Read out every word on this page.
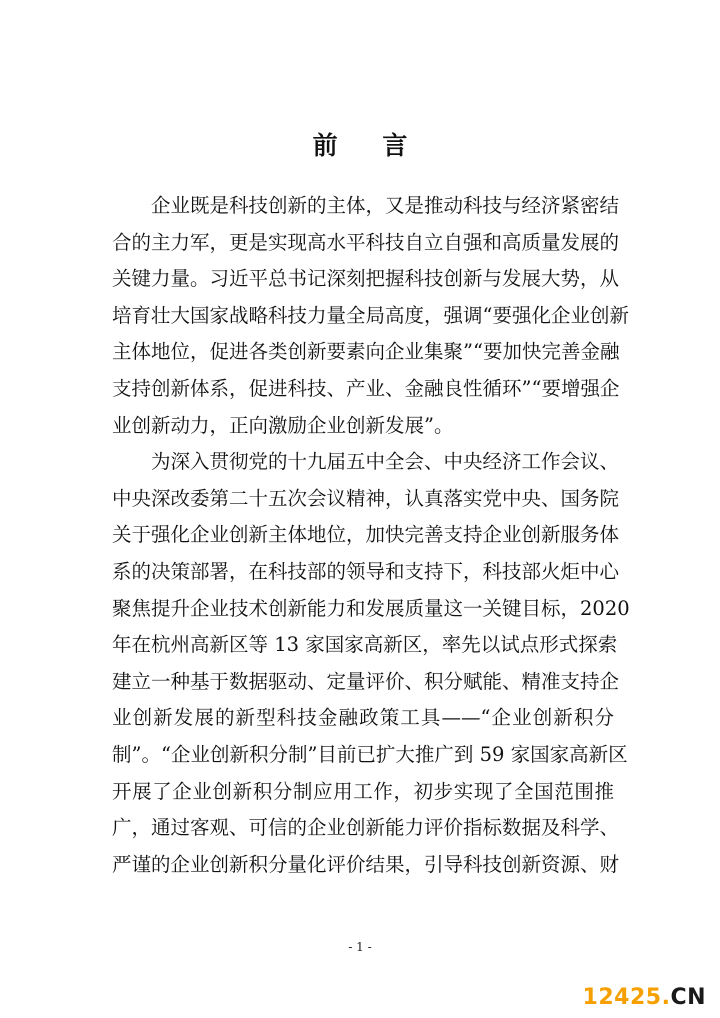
前 言
企业既是科技创新的主体，又是推动科技与经济紧密结
合的主力军，更是实现高水平科技自立自强和高质量发展的
关键力量。习近平总书记深刻把握科技创新与发展大势，从
培育壮大国家战略科技力量全局高度，强调“要强化企业创新
主体地位，促进各类创新要素向企业集聚”“要加快完善金融
支持创新体系，促进科技、产业、金融良性循环”“要增强企
业创新动力，正向激励企业创新发展”。
为深入贯彻党的十九届五中全会、中央经济工作会议、
中央深改委第二十五次会议精神，认真落实党中央、国务院
关于强化企业创新主体地位，加快完善支持企业创新服务体
系的决策部署，在科技部的领导和支持下，科技部火炬中心
聚焦提升企业技术创新能力和发展质量这一关键目标，2020
年在杭州高新区等 13 家国家高新区，率先以试点形式探索
建立一种基于数据驱动、定量评价、积分赋能、精准支持企
业创新发展的新型科技金融政策工具——“企业创新积分
制”。“企业创新积分制”目前已扩大推广到 59 家国家高新区
开展了企业创新积分制应用工作，初步实现了全国范围推
广，通过客观、可信的企业创新能力评价指标数据及科学、
严谨的企业创新积分量化评价结果，引导科技创新资源、财
- 1 -
12425.CN
